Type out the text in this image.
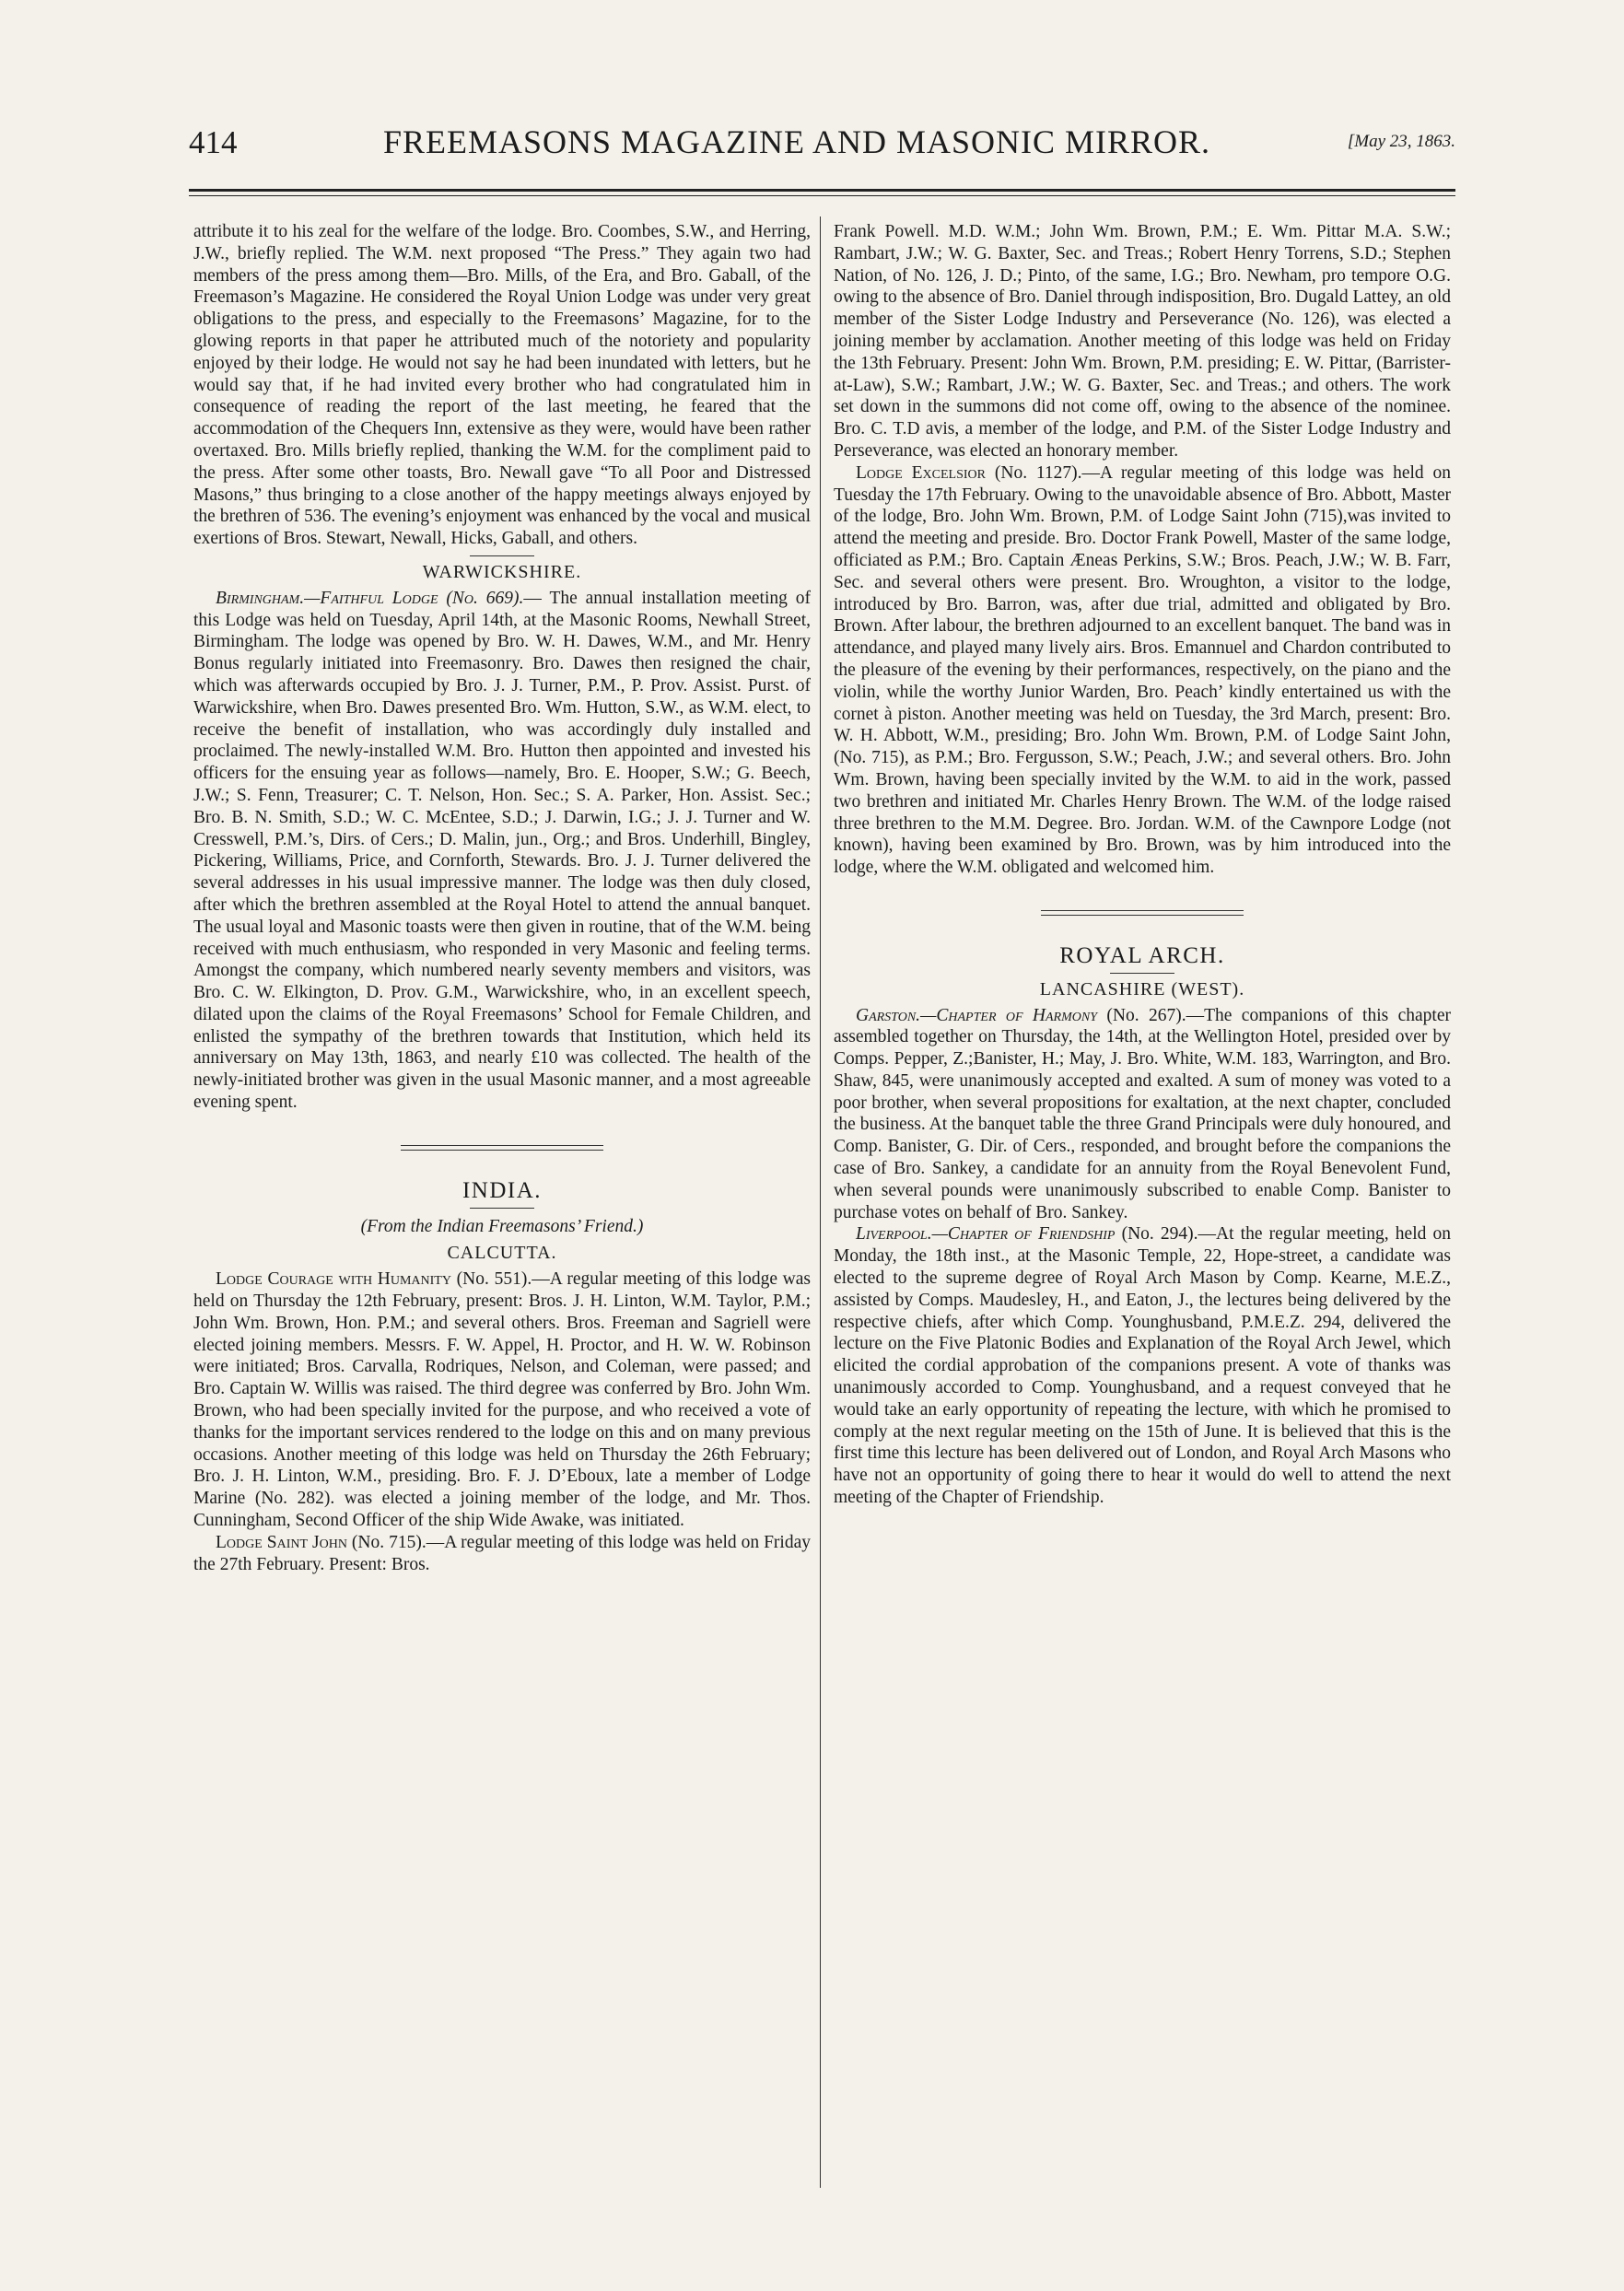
414	FREEMASONS MAGAZINE AND MASONIC MIRROR.	[May 23, 1863.

attribute it to his zeal for the welfare of the lodge. Bro. Coombes, S.W., and Herring, J.W., briefly replied. The W.M. next proposed “The Press.” They again two had members of the press among them—Bro. Mills, of the Era, and Bro. Gaball, of the Freemason’s Magazine. He considered the Royal Union Lodge was under very great obligations to the press, and especially to the Freemasons’ Magazine, for to the glowing reports in that paper he attributed much of the notoriety and popularity enjoyed by their lodge. He would not say he had been inundated with letters, but he would say that, if he had invited every brother who had congratulated him in consequence of reading the report of the last meeting, he feared that the accommodation of the Chequers Inn, extensive as they were, would have been rather overtaxed. Bro. Mills briefly replied, thanking the W.M. for the compliment paid to the press. After some other toasts, Bro. Newall gave “To all Poor and Distressed Masons,” thus bringing to a close another of the happy meetings always enjoyed by the brethren of 536. The evening’s enjoyment was enhanced by the vocal and musical exertions of Bros. Stewart, Newall, Hicks, Gaball, and others.

WARWICKSHIRE.

Birmingham.—Faithful Lodge (No. 669).— The annual installation meeting of this Lodge was held on Tuesday, April 14th, at the Masonic Rooms, Newhall Street, Birmingham. The lodge was opened by Bro. W. H. Dawes, W.M., and Mr. Henry Bonus regularly initiated into Freemasonry. Bro. Dawes then resigned the chair, which was afterwards occupied by Bro. J. J. Turner, P.M., P. Prov. Assist. Purst. of Warwickshire, when Bro. Dawes presented Bro. Wm. Hutton, S.W., as W.M. elect, to receive the benefit of installation, who was accordingly duly installed and proclaimed. The newly-installed W.M. Bro. Hutton then appointed and invested his officers for the ensuing year as follows—namely, Bro. E. Hooper, S.W.; G. Beech, J.W.; S. Fenn, Treasurer; C. T. Nelson, Hon. Sec.; S. A. Parker, Hon. Assist. Sec.; Bro. B. N. Smith, S.D.; W. C. McEntee, S.D.; J. Darwin, I.G.; J. J. Turner and W. Cresswell, P.M.’s, Dirs. of Cers.; D. Malin, jun., Org.; and Bros. Underhill, Bingley, Pickering, Williams, Price, and Cornforth, Stewards. Bro. J. J. Turner delivered the several addresses in his usual impressive manner. The lodge was then duly closed, after which the brethren assembled at the Royal Hotel to attend the annual banquet. The usual loyal and Masonic toasts were then given in routine, that of the W.M. being received with much enthusiasm, who responded in very Masonic and feeling terms. Amongst the company, which numbered nearly seventy members and visitors, was Bro. C. W. Elkington, D. Prov. G.M., Warwickshire, who, in an excellent speech, dilated upon the claims of the Royal Freemasons’ School for Female Children, and enlisted the sympathy of the brethren towards that Institution, which held its anniversary on May 13th, 1863, and nearly £10 was collected. The health of the newly-initiated brother was given in the usual Masonic manner, and a most agreeable evening spent.

INDIA.
(From the Indian Freemasons’ Friend.)
CALCUTTA.

Lodge Courage with Humanity (No. 551).—A regular meeting of this lodge was held on Thursday the 12th February, present: Bros. J. H. Linton, W.M. Taylor, P.M.; John Wm. Brown, Hon. P.M.; and several others. Bros. Freeman and Sagriell were elected joining members. Messrs. F. W. Appel, H. Proctor, and H. W. W. Robinson were initiated; Bros. Carvalla, Rodriques, Nelson, and Coleman, were passed; and Bro. Captain W. Willis was raised. The third degree was conferred by Bro. John Wm. Brown, who had been specially invited for the purpose, and who received a vote of thanks for the important services rendered to the lodge on this and on many previous occasions. Another meeting of this lodge was held on Thursday the 26th February; Bro. J. H. Linton, W.M., presiding. Bro. F. J. D’Eboux, late a member of Lodge Marine (No. 282). was elected a joining member of the lodge, and Mr. Thos. Cunningham, Second Officer of the ship Wide Awake, was initiated.

Lodge Saint John (No. 715).—A regular meeting of this lodge was held on Friday the 27th February. Present: Bros.

Frank Powell. M.D. W.M.; John Wm. Brown, P.M.; E. Wm. Pittar M.A. S.W.; Rambart, J.W.; W. G. Baxter, Sec. and Treas.; Robert Henry Torrens, S.D.; Stephen Nation, of No. 126, J. D.; Pinto, of the same, I.G.; Bro. Newham, pro tempore O.G. owing to the absence of Bro. Daniel through indisposition, Bro. Dugald Lattey, an old member of the Sister Lodge Industry and Perseverance (No. 126), was elected a joining member by acclamation. Another meeting of this lodge was held on Friday the 13th February. Present: John Wm. Brown, P.M. presiding; E. W. Pittar, (Barrister-at-Law), S.W.; Rambart, J.W.; W. G. Baxter, Sec. and Treas.; and others. The work set down in the summons did not come off, owing to the absence of the nominee. Bro. C. T.D avis, a member of the lodge, and P.M. of the Sister Lodge Industry and Perseverance, was elected an honorary member.

Lodge Excelsior (No. 1127).—A regular meeting of this lodge was held on Tuesday the 17th February. Owing to the unavoidable absence of Bro. Abbott, Master of the lodge, Bro. John Wm. Brown, P.M. of Lodge Saint John (715),was invited to attend the meeting and preside. Bro. Doctor Frank Powell, Master of the same lodge, officiated as P.M.; Bro. Captain Æneas Perkins, S.W.; Bros. Peach, J.W.; W. B. Farr, Sec. and several others were present. Bro. Wroughton, a visitor to the lodge, introduced by Bro. Barron, was, after due trial, admitted and obligated by Bro. Brown. After labour, the brethren adjourned to an excellent banquet. The band was in attendance, and played many lively airs. Bros. Emannuel and Chardon contributed to the pleasure of the evening by their performances, respectively, on the piano and the violin, while the worthy Junior Warden, Bro. Peach’ kindly entertained us with the cornet à piston. Another meeting was held on Tuesday, the 3rd March, present: Bro. W. H. Abbott, W.M., presiding; Bro. John Wm. Brown, P.M. of Lodge Saint John, (No. 715), as P.M.; Bro. Fergusson, S.W.; Peach, J.W.; and several others. Bro. John Wm. Brown, having been specially invited by the W.M. to aid in the work, passed two brethren and initiated Mr. Charles Henry Brown. The W.M. of the lodge raised three brethren to the M.M. Degree. Bro. Jordan. W.M. of the Cawnpore Lodge (not known), having been examined by Bro. Brown, was by him introduced into the lodge, where the W.M. obligated and welcomed him.

ROYAL ARCH.
LANCASHIRE (WEST).

Garston.—Chapter of Harmony (No. 267).—The companions of this chapter assembled together on Thursday, the 14th, at the Wellington Hotel, presided over by Comps. Pepper, Z.;Banister, H.; May, J. Bro. White, W.M. 183, Warrington, and Bro. Shaw, 845, were unanimously accepted and exalted. A sum of money was voted to a poor brother, when several propositions for exaltation, at the next chapter, concluded the business. At the banquet table the three Grand Principals were duly honoured, and Comp. Banister, G. Dir. of Cers., responded, and brought before the companions the case of Bro. Sankey, a candidate for an annuity from the Royal Benevolent Fund, when several pounds were unanimously subscribed to enable Comp. Banister to purchase votes on behalf of Bro. Sankey.

Liverpool.—Chapter of Friendship (No. 294).—At the regular meeting, held on Monday, the 18th inst., at the Masonic Temple, 22, Hope-street, a candidate was elected to the supreme degree of Royal Arch Mason by Comp. Kearne, M.E.Z., assisted by Comps. Maudesley, H., and Eaton, J., the lectures being delivered by the respective chiefs, after which Comp. Younghusband, P.M.E.Z. 294, delivered the lecture on the Five Platonic Bodies and Explanation of the Royal Arch Jewel, which elicited the cordial approbation of the companions present. A vote of thanks was unanimously accorded to Comp. Younghusband, and a request conveyed that he would take an early opportunity of repeating the lecture, with which he promised to comply at the next regular meeting on the 15th of June. It is believed that this is the first time this lecture has been delivered out of London, and Royal Arch Masons who have not an opportunity of going there to hear it would do well to attend the next meeting of the Chapter of Friendship.
